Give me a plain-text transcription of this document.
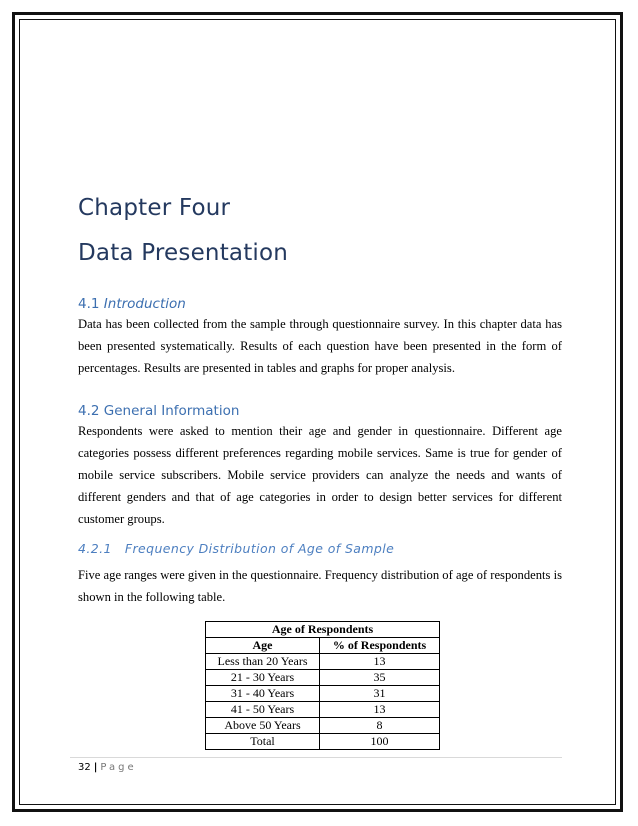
Chapter Four
Data Presentation
4.1 Introduction
Data has been collected from the sample through questionnaire survey. In this chapter data has
been presented systematically. Results of each question have been presented in the form of
percentages. Results are presented in tables and graphs for proper analysis.
4.2 General Information
Respondents were asked to mention their age and gender in questionnaire. Different age
categories possess different preferences regarding mobile services. Same is true for gender of
mobile service subscribers. Mobile service providers can analyze the needs and wants of
different genders and that of age categories in order to design better services for different
customer groups.
4.2.1   Frequency Distribution of Age of Sample
Five age ranges were given in the questionnaire. Frequency distribution of age of respondents is
shown in the following table.
Age of Respondents	
Age	% of Respondents
Less than 20 Years	13
21 - 30 Years	35
31 - 40 Years	31
41 - 50 Years	13
Above 50 Years	8
Total	100
32 | Page
